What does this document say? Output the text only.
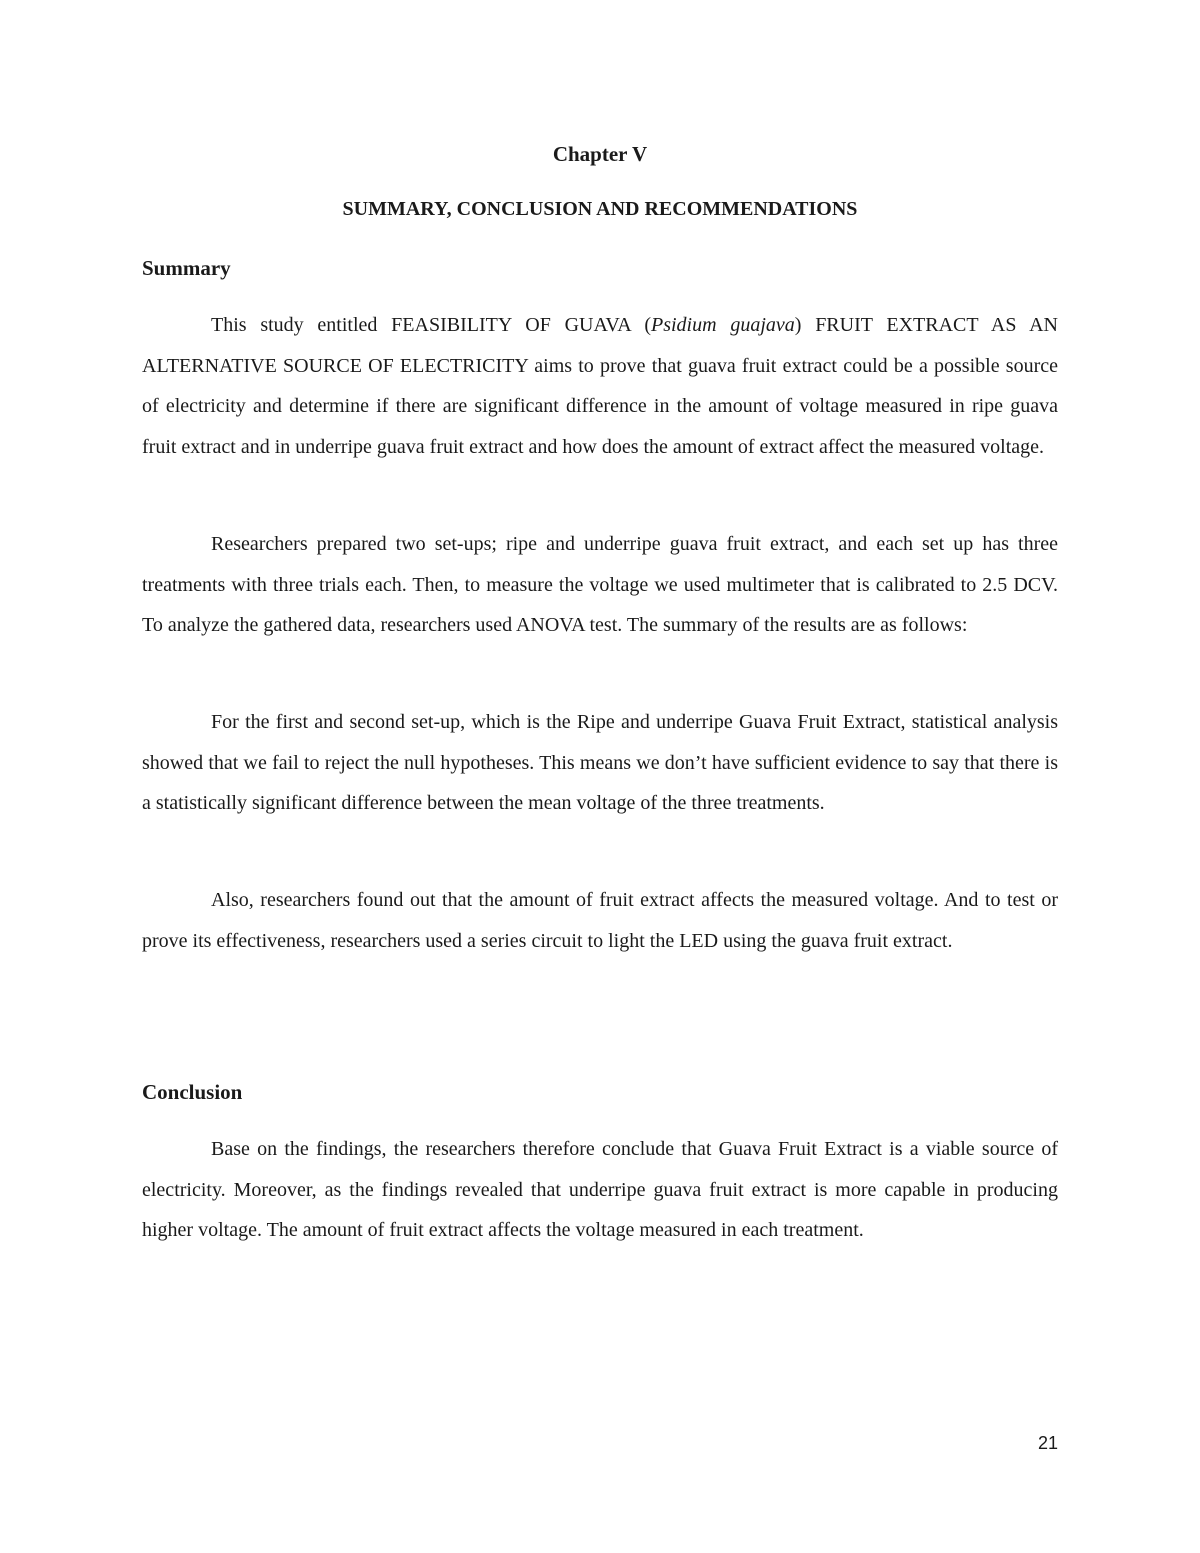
Chapter V
SUMMARY, CONCLUSION AND RECOMMENDATIONS
Summary

This study entitled FEASIBILITY OF GUAVA (Psidium guajava) FRUIT EXTRACT AS AN ALTERNATIVE SOURCE OF ELECTRICITY aims to prove that guava fruit extract could be a possible source of electricity and determine if there are significant difference in the amount of voltage measured in ripe guava fruit extract and in underripe guava fruit extract and how does the amount of extract affect the measured voltage.

Researchers prepared two set-ups; ripe and underripe guava fruit extract, and each set up has three treatments with three trials each. Then, to measure the voltage we used multimeter that is calibrated to 2.5 DCV. To analyze the gathered data, researchers used ANOVA test. The summary of the results are as follows:

For the first and second set-up, which is the Ripe and underripe Guava Fruit Extract, statistical analysis showed that we fail to reject the null hypotheses. This means we don’t have sufficient evidence to say that there is a statistically significant difference between the mean voltage of the three treatments.

Also, researchers found out that the amount of fruit extract affects the measured voltage. And to test or prove its effectiveness, researchers used a series circuit to light the LED using the guava fruit extract.

Conclusion

Base on the findings, the researchers therefore conclude that Guava Fruit Extract is a viable source of electricity. Moreover, as the findings revealed that underripe guava fruit extract is more capable in producing higher voltage. The amount of fruit extract affects the voltage measured in each treatment.

21
